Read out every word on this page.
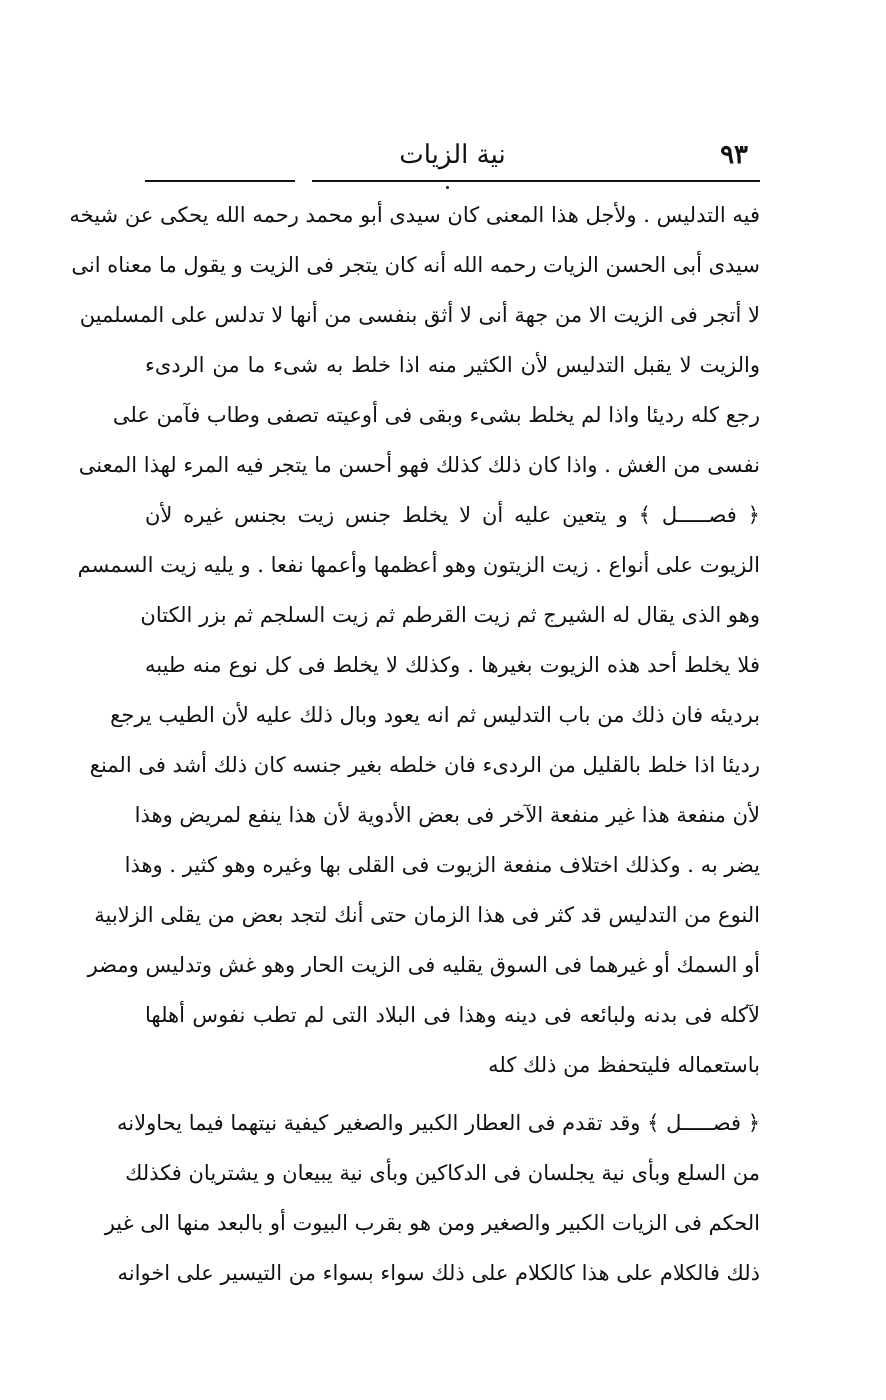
٩٣
نية الزيات
فيه التدليس . ولأجل هذا المعنى كان سيدى أبو محمد رحمه الله يحكى عن شيخه
سيدى أبى الحسن الزيات رحمه الله أنه كان يتجر فى الزيت و يقول ما معناه انى
لا أتجر فى الزيت الا من جهة أنى لا أثق بنفسى من أنها لا تدلس على المسلمين
والزيت لا يقبل التدليس لأن الكثير منه اذا خلط به شىء ما من الردىء
رجع كله رديئا واذا لم يخلط بشىء وبقى فى أوعيته تصفى وطاب فآمن على
نفسى من الغش . واذا كان ذلك كذلك فهو أحسن ما يتجر فيه المرء لهذا المعنى
﴿ فصـــــل ﴾ و يتعين عليه أن لا يخلط جنس زيت بجنس غيره لأن
الزيوت على أنواع . زيت الزيتون وهو أعظمها وأعمها نفعا . و يليه زيت السمسم
وهو الذى يقال له الشيرج ثم زيت القرطم ثم زيت السلجم ثم بزر الكتان
فلا يخلط أحد هذه الزيوت بغيرها . وكذلك لا يخلط فى كل نوع منه طيبه
برديئه فان ذلك من باب التدليس ثم انه يعود وبال ذلك عليه لأن الطيب يرجع
رديئا اذا خلط بالقليل من الردىء فان خلطه بغير جنسه كان ذلك أشد فى المنع
لأن منفعة هذا غير منفعة الآخر فى بعض الأدوية لأن هذا ينفع لمريض وهذا
يضر به . وكذلك اختلاف منفعة الزيوت فى القلى بها وغيره وهو كثير . وهذا
النوع من التدليس قد كثر فى هذا الزمان حتى أنك لتجد بعض من يقلى الزلابية
أو السمك أو غيرهما فى السوق يقليه فى الزيت الحار وهو غش وتدليس ومضر
لآكله فى بدنه ولبائعه فى دينه وهذا فى البلاد التى لم تطب نفوس أهلها
باستعماله فليتحفظ من ذلك كله
﴿ فصـــــل ﴾ وقد تقدم فى العطار الكبير والصغير كيفية نيتهما فيما يحاولانه
من السلع وبأى نية يجلسان فى الدكاكين وبأى نية يبيعان و يشتريان فكذلك
الحكم فى الزيات الكبير والصغير ومن هو بقرب البيوت أو بالبعد منها الى غير
ذلك فالكلام على هذا كالكلام على ذلك سواء بسواء من التيسير على اخوانه
